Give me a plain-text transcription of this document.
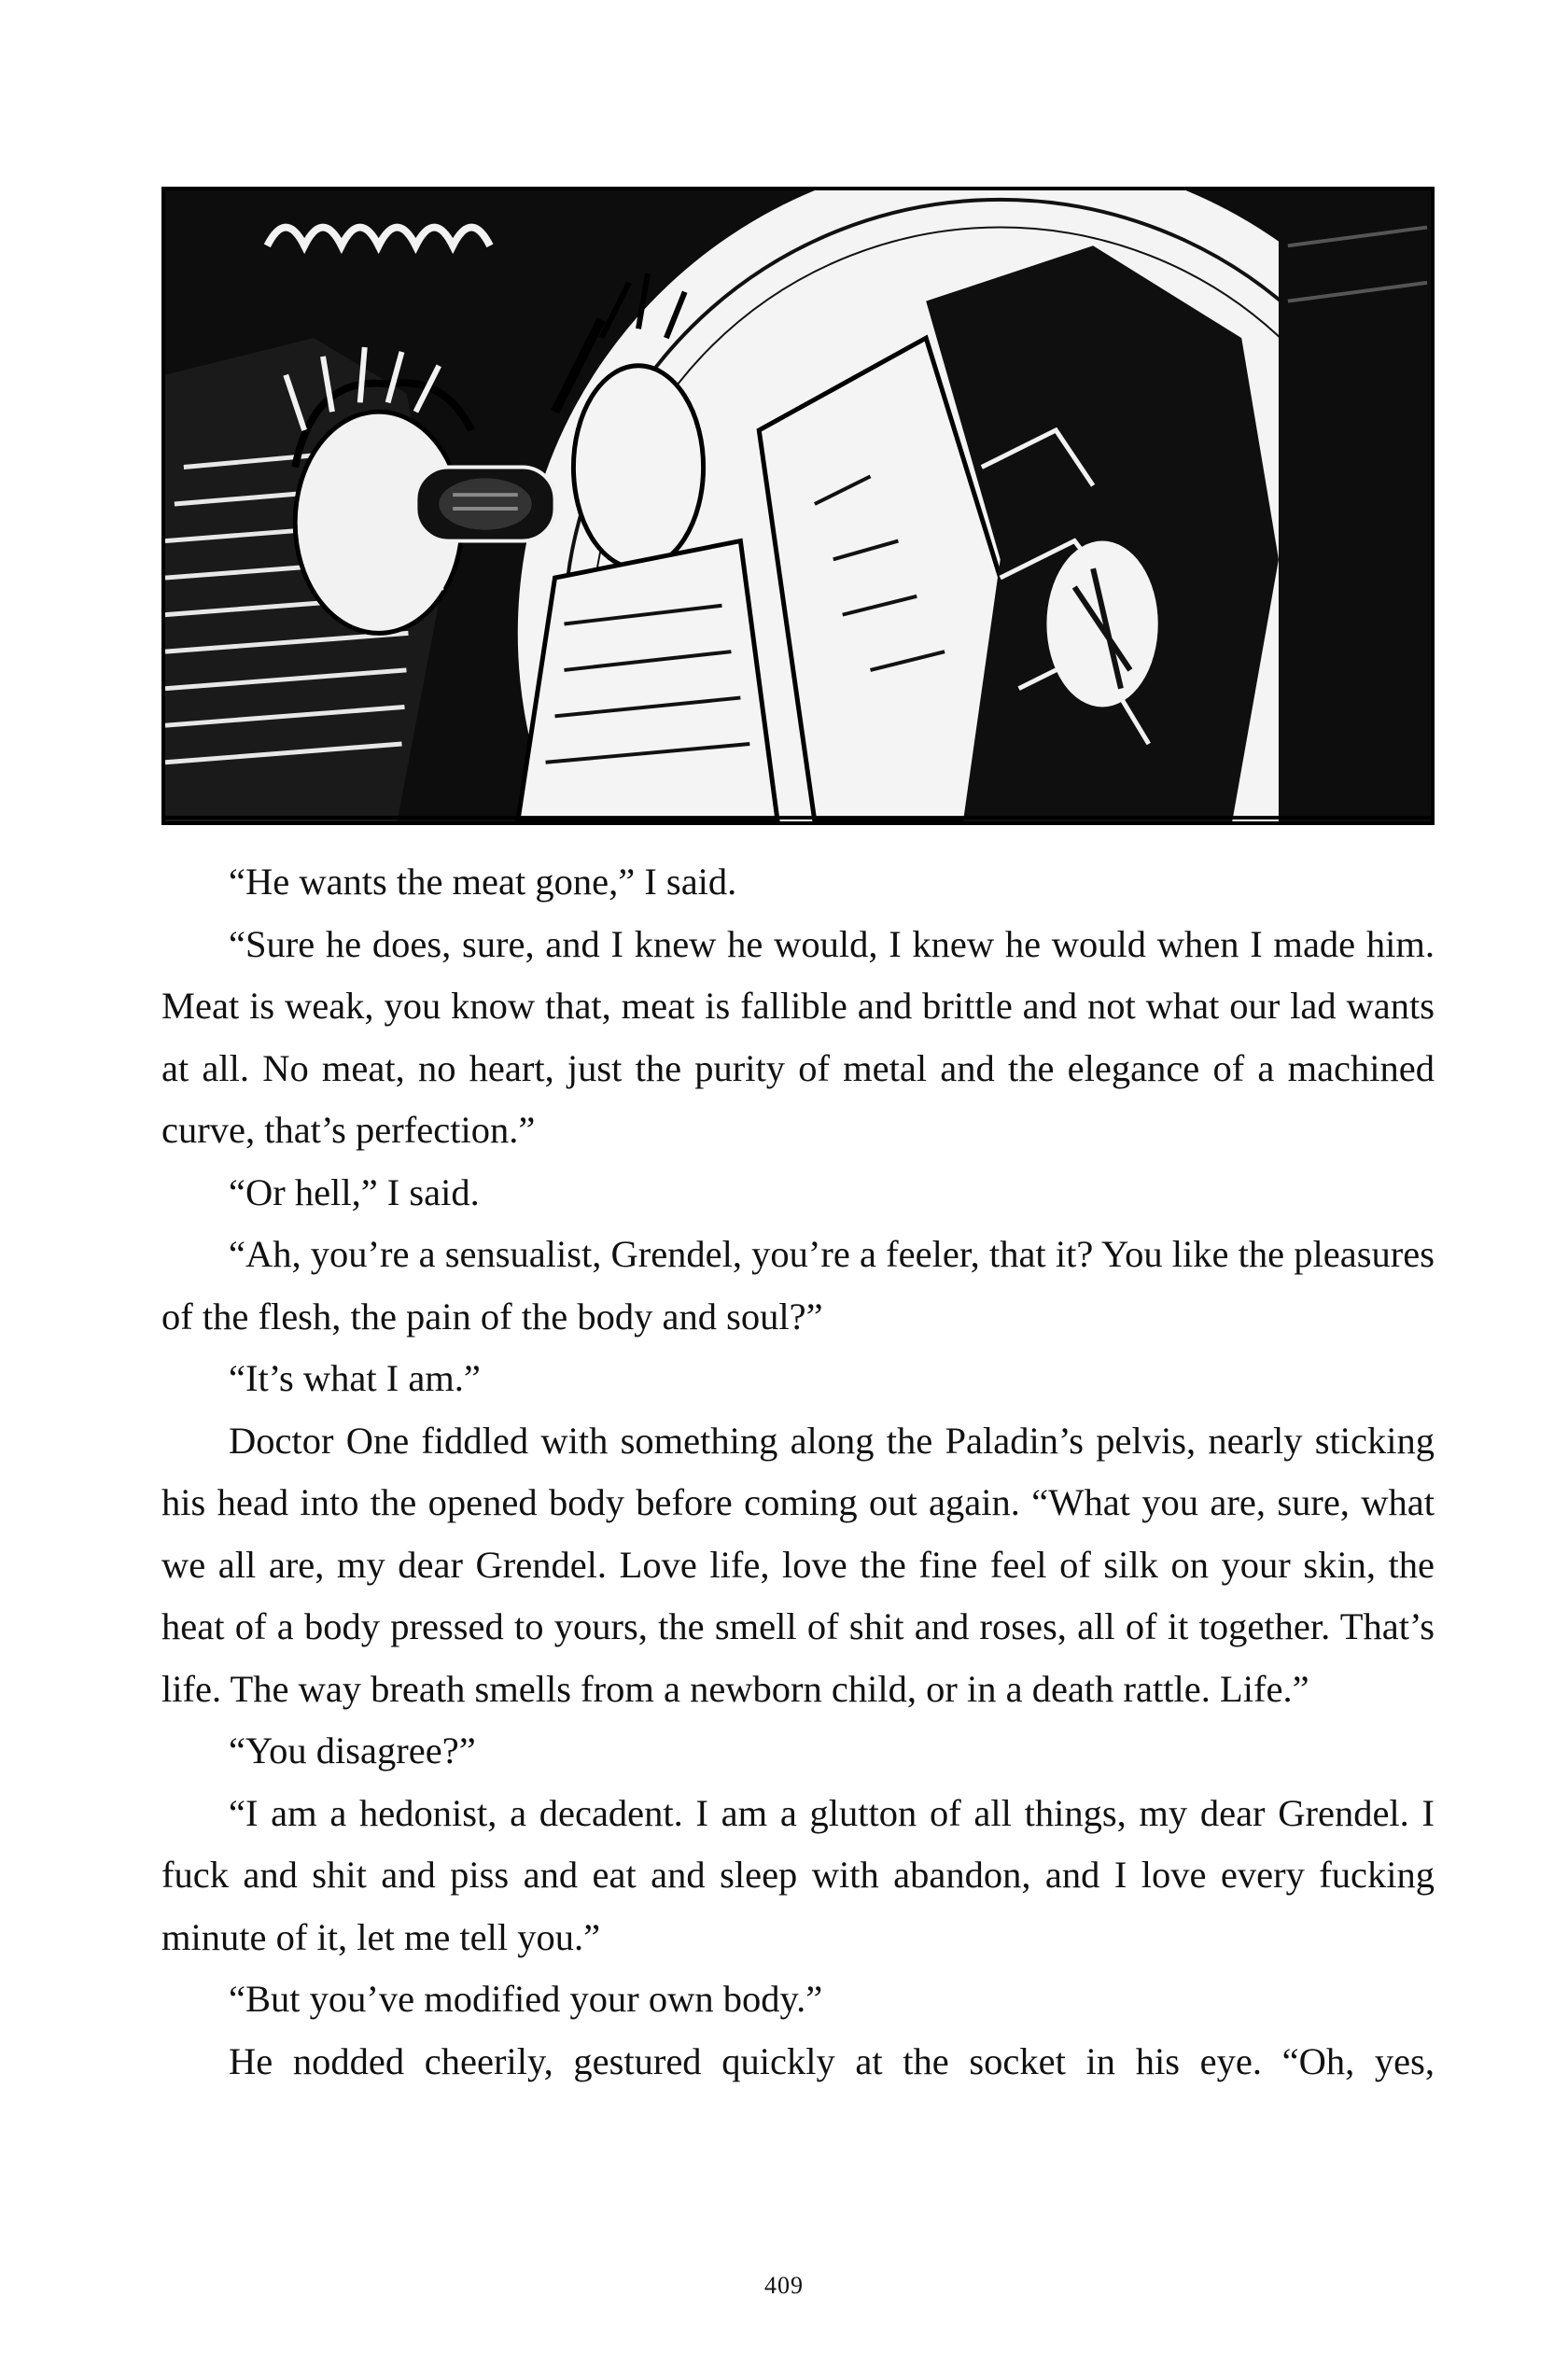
“He wants the meat gone,” I said.

“Sure he does, sure, and I knew he would, I knew he would when I made him. Meat is weak, you know that, meat is fallible and brittle and not what our lad wants at all. No meat, no heart, just the purity of metal and the elegance of a machined curve, that’s perfection.”

“Or hell,” I said.

“Ah, you’re a sensualist, Grendel, you’re a feeler, that it? You like the pleasures of the flesh, the pain of the body and soul?”

“It’s what I am.”

Doctor One fiddled with something along the Paladin’s pelvis, nearly sticking his head into the opened body before coming out again. “What you are, sure, what we all are, my dear Grendel. Love life, love the fine feel of silk on your skin, the heat of a body pressed to yours, the smell of shit and roses, all of it together. That’s life. The way breath smells from a newborn child, or in a death rattle. Life.”

“You disagree?”

“I am a hedonist, a decadent. I am a glutton of all things, my dear Grendel. I fuck and shit and piss and eat and sleep with abandon, and I love every fucking minute of it, let me tell you.”

“But you’ve modified your own body.”

He nodded cheerily, gestured quickly at the socket in his eye. “Oh, yes,

409
